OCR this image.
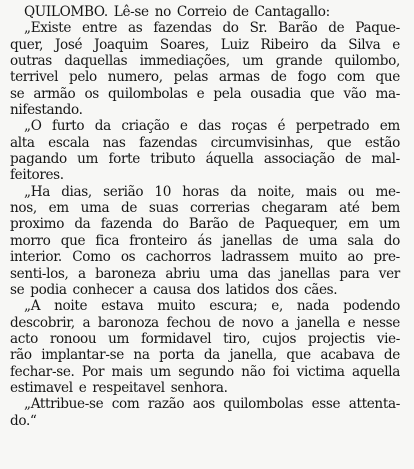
QUILOMBO. Lê-se no Correio de Cantagallo:
„Existe entre as fazendas do Sr. Barão de Paque-
quer, José Joaquim Soares, Luiz Ribeiro da Silva e
outras daquellas immediações, um grande quilombo,
terrivel pelo numero, pelas armas de fogo com que
se armão os quilombolas e pela ousadia que vão ma-
nifestando.
„O furto da criação e das roças é perpetrado em
alta escala nas fazendas circumvisinhas, que estão
pagando um forte tributo áquella associação de mal-
feitores.
„Ha dias, serião 10 horas da noite, mais ou me-
nos, em uma de suas correrias chegaram até bem
proximo da fazenda do Barão de Paquequer, em um
morro que fica fronteiro ás janellas de uma sala do
interior. Como os cachorros ladrassem muito ao pre-
senti-los, a baroneza abriu uma das janellas para ver
se podia conhecer a causa dos latidos dos cães.
„A noite estava muito escura; e, nada podendo
descobrir, a baronoza fechou de novo a janella e nesse
acto ronoou um formidavel tiro, cujos projectis vie-
rão implantar-se na porta da janella, que acabava de
fechar-se. Por mais um segundo não foi victima aquella
estimavel e respeitavel senhora.
„Attribue-se com razão aos quilombolas esse attenta-
do.“
